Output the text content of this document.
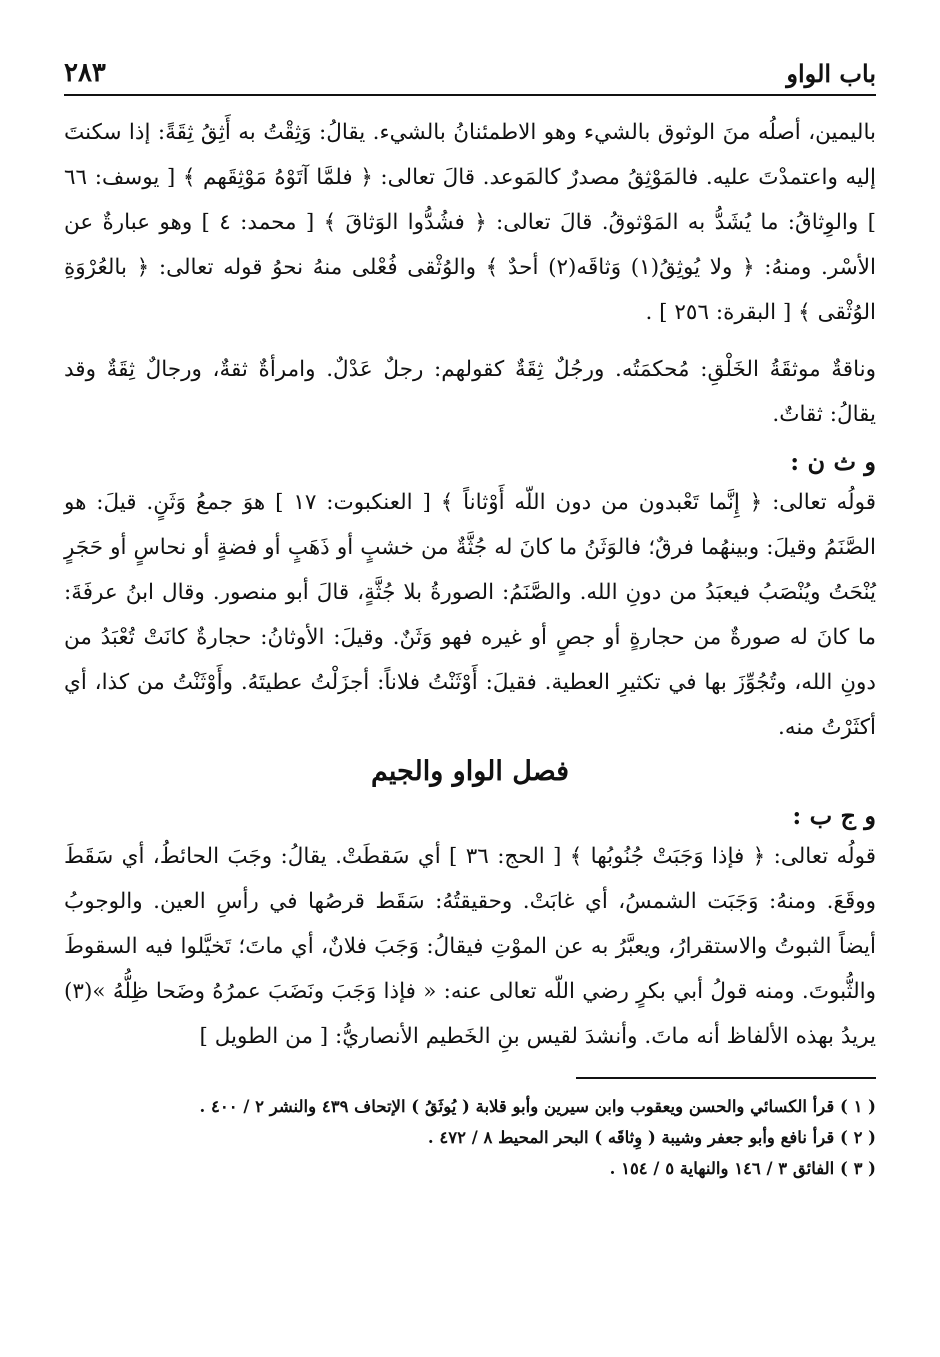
باب الواو
٢٨٣

باليمين، أصلُه منَ الوثوق بالشيء وهو الاطمئنانُ بالشيء. يقالُ: وَثِقْتُ به أَثِقُ ثِقَةً: إذا سكنتَ إليه واعتمدْتَ عليه. فالمَوْثِقُ مصدرٌ كالمَوعد. قالَ تعالى: ﴿ فلمَّا آتَوْهُ مَوْثِقَهم ﴾ [ يوسف: ٦٦ ] والوِثاقُ: ما يُشَدُّ به المَوْثوقُ. قالَ تعالى: ﴿ فشُدُّوا الوَثاقَ ﴾ [ محمد: ٤ ] وهو عبارةٌ عن الأسْر. ومنهُ: ﴿ ولا يُوثِقُ(١) وَثاقَه(٢) أحدٌ ﴾ والوُثْقى فُعْلى منهُ نحوُ قوله تعالى: ﴿ بالعُرْوَةِ الوُثْقى ﴾ [ البقرة: ٢٥٦ ] .

وناقةٌ موثقَةُ الخَلْقِ: مُحكمَتُه. ورجُلٌ ثِقَةٌ كقولهم: رجلٌ عَدْلٌ. وامرأةٌ ثقةٌ، ورجالٌ ثِقَةٌ وقد يقالُ: ثقاتٌ.

و ث ن :

قولُه تعالى: ﴿ إِنَّما تَعْبدون من دون اللّه أَوْثاناً ﴾ [ العنكبوت: ١٧ ] هوَ جمعُ وَثَنٍ. قيلَ: هو الصَّنَمُ وقيلَ: وبينهُما فرقٌ؛ فالوَثَنُ ما كانَ له جُثَّةٌ من خشبٍ أو ذَهَبٍ أو فضةٍ أو نحاسٍ أو حَجَرٍ يُنْحَتُ ويُنْصَبُ فيعبَدُ من دونِ الله. والصَّنَمُ: الصورةُ بلا جُثَّةٍ، قالَ أبو منصور. وقال ابنُ عرفَةَ: ما كانَ له صورةٌ من حجارةٍ أو جصٍ أو غيره فهو وَثَنٌ. وقيلَ: الأوثانُ: حجارةٌ كانَتْ تُعْبَدُ من دونِ الله، وتُجُوِّزَ بها في تكثيرِ العطية. فقيلَ: أَوْثَنْتُ فلاناً: أجزَلْتُ عطيتَهُ. وأَوْثَنْتُ من كذا، أي أكثَرْتُ منه.

فصل الواو والجيم
و ج ب :

قولُه تعالى: ﴿ فإذا وَجَبَتْ جُنُوبُها ﴾ [ الحج: ٣٦ ] أي سَقطَتْ. يقالُ: وجَبَ الحائطُ، أي سَقَطَ ووقَعَ. ومنهُ: وَجَبَت الشمسُ، أي غابَتْ. وحقيقتُهُ: سَقَط قرصُها في رأسِ العين. والوجوبُ أيضاً الثبوتُ والاستقرارُ، ويعبَّرُ به عن الموْتِ فيقالُ: وَجَبَ فلانٌ، أي ماتَ؛ تَخيَّلوا فيه السقوطَ والثُّبوتَ. ومنه قولُ أبي بكرٍ رضي اللّه تعالى عنه: « فإذا وَجَبَ ونَضَبَ عمرُهُ وضَحا ظِلُّهُ »(٣) يريدُ بهذه الألفاظ أنه ماتَ. وأنشدَ لقيس بنِ الخَطيم الأنصاريُّ: [ من الطويل ]

( ١ ) قرأ الكسائي والحسن ويعقوب وابن سيرين وأبو قلابة ( يُوثَقُ ) الإتحاف ٤٣٩ والنشر ٢ / ٤٠٠ .
( ٢ ) قرأ نافع وأبو جعفر وشيبة ( وِثاقَه ) البحر المحيط ٨ / ٤٧٢ .
( ٣ ) الفائق ٣ / ١٤٦ والنهاية ٥ / ١٥٤ .
